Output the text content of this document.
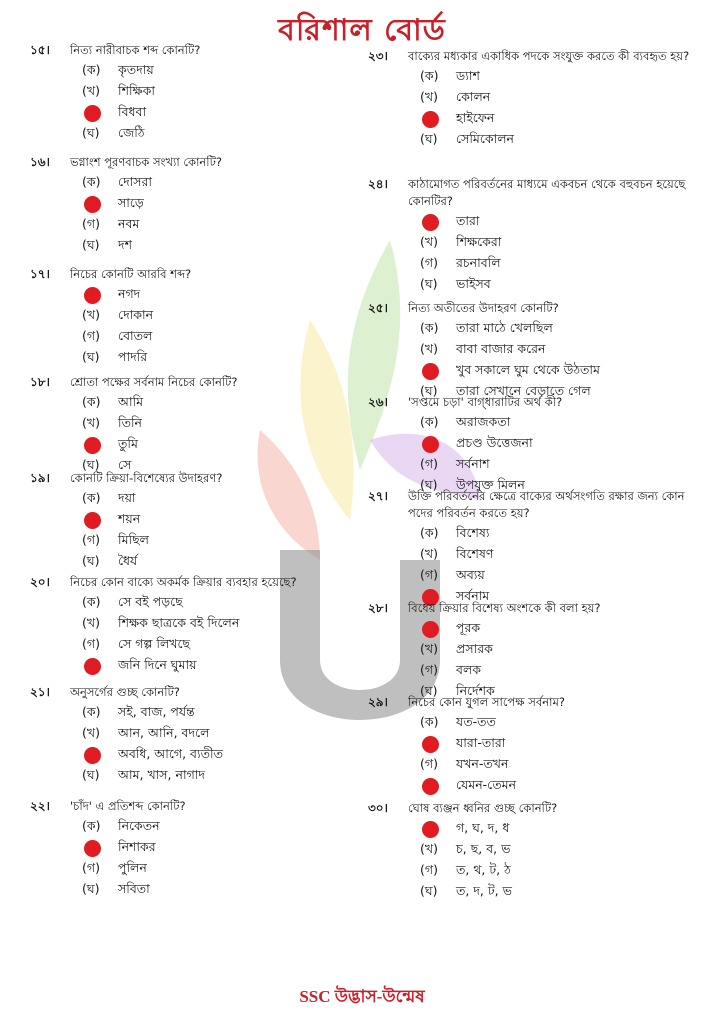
বরিশাল বোর্ড
১৫।	নিত্য নারীবাচক শব্দ কোনটি?
(ক)	কৃতদায়
(খ)	শিক্ষিকা
বিধবা
(ঘ)	জেঠি
১৬।	ভগ্নাংশ পূরণবাচক সংখ্যা কোনটি?
(ক)	দোসরা
সাড়ে
(গ)	নবম
(ঘ)	দশ
১৭।	নিচের কোনটি আরবি শব্দ?
নগদ
(খ)	দোকান
(গ)	বোতল
(ঘ)	পাদরি
১৮।	শ্রোতা পক্ষের সর্বনাম নিচের কোনটি?
(ক)	আমি
(খ)	তিনি
তুমি
(ঘ)	সে
১৯।	কোনটি ক্রিয়া-বিশেষ্যের উদাহরণ?
(ক)	দয়া
শয়ন
(গ)	মিছিল
(ঘ)	ধৈর্য
২০।	নিচের কোন বাক্যে অকর্মক ক্রিয়ার ব্যবহার হয়েছে?
(ক)	সে বই পড়ছে
(খ)	শিক্ষক ছাত্রকে বই দিলেন
(গ)	সে গল্প লিখছে
জনি দিনে ঘুমায়
২১।	অনুসর্গের গুচ্ছ কোনটি?
(ক)	সই, বাজ, পর্যন্ত
(খ)	আন, আনি, বদলে
অবধি, আগে, ব্যতীত
(ঘ)	আম, খাস, নাগাদ
২২।	'চাঁদ' এ প্রতিশব্দ কোনটি?
(ক)	নিকেতন
নিশাকর
(গ)	পুলিন
(ঘ)	সবিতা
২৩।	বাক্যের মধ্যকার একাধিক পদকে সংযুক্ত করতে কী ব্যবহৃত হয়?
(ক)	ড্যাশ
(খ)	কোলন
হাইফেন
(ঘ)	সেমিকোলন
২৪।	কাঠামোগত পরিবর্তনের মাধ্যমে একবচন থেকে বহুবচন হয়েছে কোনটির?
তারা
(খ)	শিক্ষকেরা
(গ)	রচনাবলি
(ঘ)	ভাইসব
২৫।	নিত্য অতীতের উদাহরণ কোনটি?
(ক)	তারা মাঠে খেলছিল
(খ)	বাবা বাজার করেন
খুব সকালে ঘুম থেকে উঠতাম
(ঘ)	তারা সেখানে বেড়াতে গেল
২৬।	'সপ্তমে চড়া' বাগ্‌ধারাটির অর্থ কী?
(ক)	অরাজকতা
প্রচণ্ড উত্তেজনা
(গ)	সর্বনাশ
(ঘ)	উপযুক্ত মিলন
২৭।	উক্তি পরিবর্তনের ক্ষেত্রে বাক্যের অর্থসংগতি রক্ষার জন্য কোন পদের পরিবর্তন করতে হয়?
(ক)	বিশেষ্য
(খ)	বিশেষণ
(গ)	অব্যয়
সর্বনাম
২৮।	বিধেয় ক্রিয়ার বিশেষ্য অংশকে কী বলা হয়?
পূরক
(খ)	প্রসারক
(গ)	বলক
(ঘ)	নির্দেশক
২৯।	নিচের কোন যুগল সাপেক্ষ সর্বনাম?
(ক)	যত-তত
যারা-তারা
(গ)	যখন-তখন
যেমন-তেমন
৩০।	ঘোষ ব্যঞ্জন ধ্বনির গুচ্ছ কোনটি?
গ, ঘ, দ, ধ
(খ)	চ, ছ, ব, ভ
(গ)	ত, থ, ট, ঠ
(ঘ)	ত, দ, ট, ভ
SSC উদ্ভাস-উন্মেষ
